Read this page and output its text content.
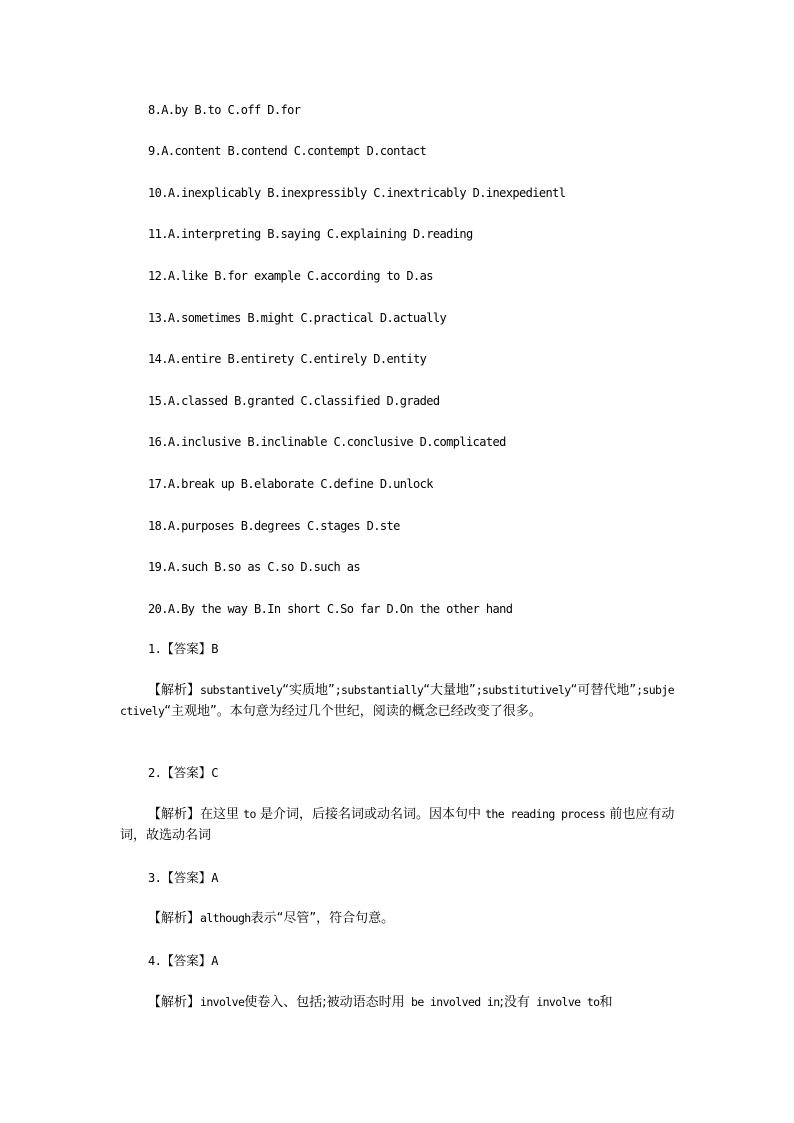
8.A.by B.to C.off D.for
9.A.content B.contend C.contempt D.contact
10.A.inexplicably B.inexpressibly C.inextricably D.inexpedientl
11.A.interpreting B.saying C.explaining D.reading
12.A.like B.for example C.according to D.as
13.A.sometimes B.might C.practical D.actually
14.A.entire B.entirety C.entirely D.entity
15.A.classed B.granted C.classified D.graded
16.A.inclusive B.inclinable C.conclusive D.complicated
17.A.break up B.elaborate C.define D.unlock
18.A.purposes B.degrees C.stages D.ste
19.A.such B.so as C.so D.such as
20.A.By the way B.In short C.So far D.On the other hand
1.【答案】B
【解析】substantively“实质地”;substantially“大量地”;substitutively“可替代地”;subjectively“主观地”。本句意为经过几个世纪，阅读的概念已经改变了很多。
2.【答案】C
【解析】在这里 to 是介词，后接名词或动名词。因本句中 the reading process 前也应有动词，故选动名词
3.【答案】A
【解析】although表示“尽管”，符合句意。
4.【答案】A
【解析】involve使卷入、包括;被动语态时用 be involved in;没有 involve to和
